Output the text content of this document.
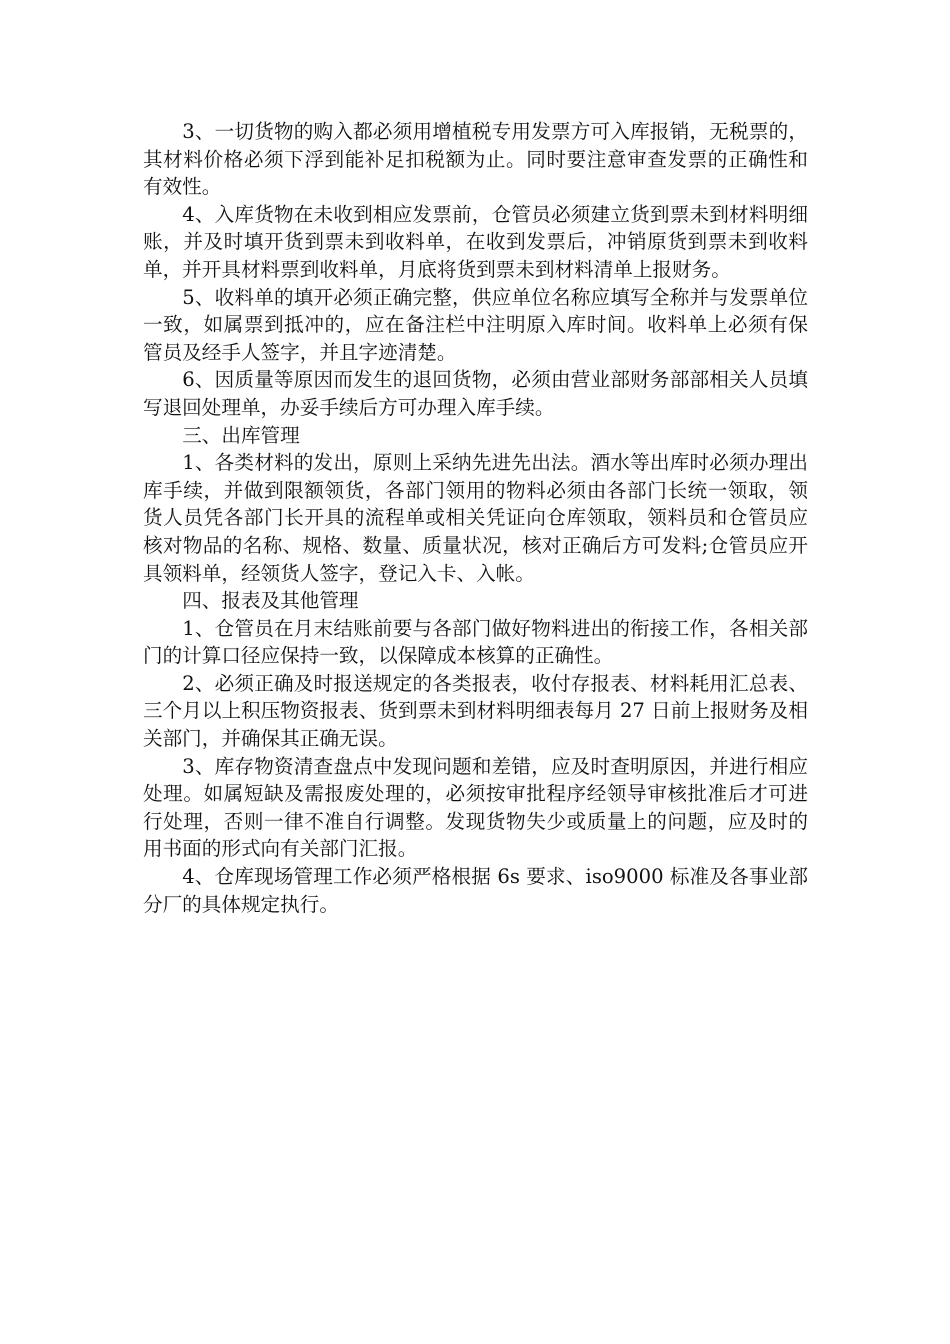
3、一切货物的购入都必须用增植税专用发票方可入库报销，无税票的，其材料价格必须下浮到能补足扣税额为止。同时要注意审查发票的正确性和有效性。

4、入库货物在未收到相应发票前，仓管员必须建立货到票未到材料明细账，并及时填开货到票未到收料单，在收到发票后，冲销原货到票未到收料单，并开具材料票到收料单，月底将货到票未到材料清单上报财务。

5、收料单的填开必须正确完整，供应单位名称应填写全称并与发票单位一致，如属票到抵冲的，应在备注栏中注明原入库时间。收料单上必须有保管员及经手人签字，并且字迹清楚。

6、因质量等原因而发生的退回货物，必须由营业部财务部部相关人员填写退回处理单，办妥手续后方可办理入库手续。

三、出库管理

1、各类材料的发出，原则上采纳先进先出法。酒水等出库时必须办理出库手续，并做到限额领货，各部门领用的物料必须由各部门长统一领取，领货人员凭各部门长开具的流程单或相关凭证向仓库领取，领料员和仓管员应核对物品的名称、规格、数量、质量状况，核对正确后方可发料;仓管员应开具领料单，经领货人签字，登记入卡、入帐。

四、报表及其他管理

1、仓管员在月末结账前要与各部门做好物料进出的衔接工作，各相关部门的计算口径应保持一致，以保障成本核算的正确性。

2、必须正确及时报送规定的各类报表，收付存报表、材料耗用汇总表、三个月以上积压物资报表、货到票未到材料明细表每月 27 日前上报财务及相关部门，并确保其正确无误。

3、库存物资清查盘点中发现问题和差错，应及时查明原因，并进行相应处理。如属短缺及需报废处理的，必须按审批程序经领导审核批准后才可进行处理，否则一律不准自行调整。发现货物失少或质量上的问题，应及时的用书面的形式向有关部门汇报。

4、仓库现场管理工作必须严格根据 6s 要求、iso9000 标准及各事业部分厂的具体规定执行。
